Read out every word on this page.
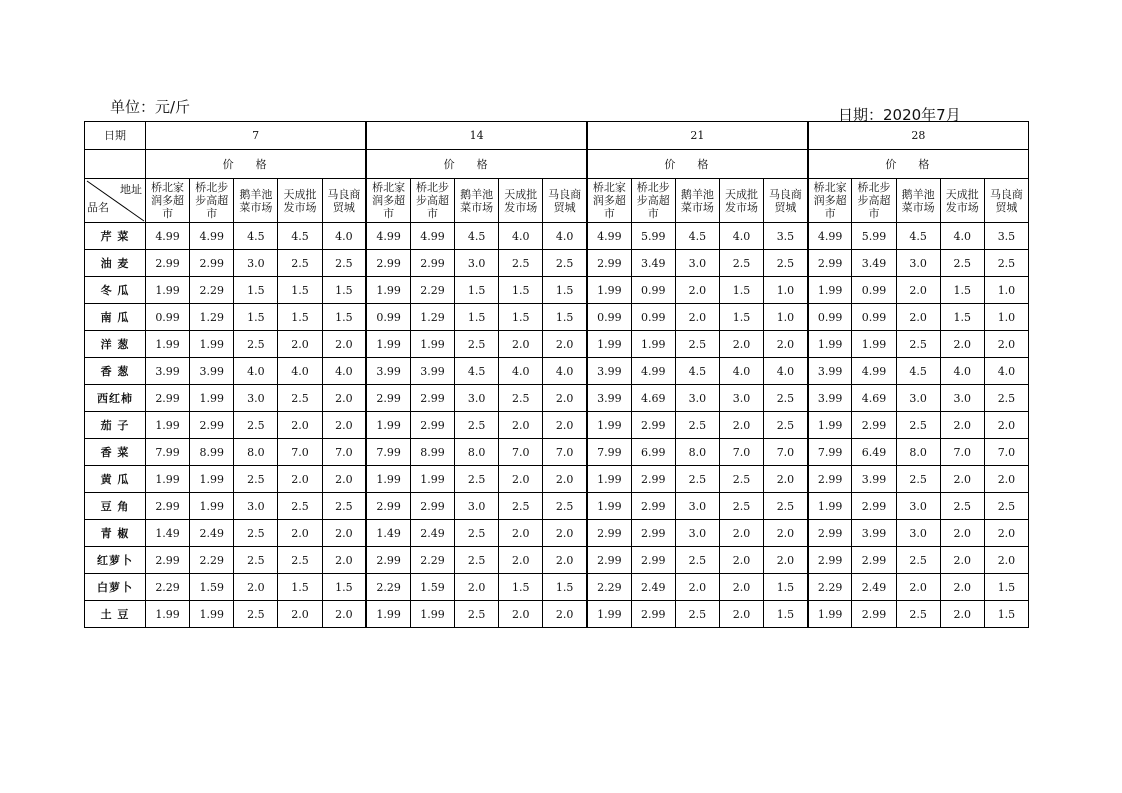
单位：元/斤	日期：2020年7月
日期	7					14					21					28				
	价格					价格					价格					价格				

地址
品名	桥北家润多超市	桥北步步高超市	鹅羊池菜市场	天成批发市场	马良商贸城	桥北家润多超市	桥北步步高超市	鹅羊池菜市场	天成批发市场	马良商贸城	桥北家润多超市	桥北步步高超市	鹅羊池菜市场	天成批发市场	马良商贸城	桥北家润多超市	桥北步步高超市	鹅羊池菜市场	天成批发市场	马良商贸城
芹 菜	4.99	4.99	4.5	4.5	4.0	4.99	4.99	4.5	4.0	4.0	4.99	5.99	4.5	4.0	3.5	4.99	5.99	4.5	4.0	3.5
油 麦	2.99	2.99	3.0	2.5	2.5	2.99	2.99	3.0	2.5	2.5	2.99	3.49	3.0	2.5	2.5	2.99	3.49	3.0	2.5	2.5
冬 瓜	1.99	2.29	1.5	1.5	1.5	1.99	2.29	1.5	1.5	1.5	1.99	0.99	2.0	1.5	1.0	1.99	0.99	2.0	1.5	1.0
南 瓜	0.99	1.29	1.5	1.5	1.5	0.99	1.29	1.5	1.5	1.5	0.99	0.99	2.0	1.5	1.0	0.99	0.99	2.0	1.5	1.0
洋 葱	1.99	1.99	2.5	2.0	2.0	1.99	1.99	2.5	2.0	2.0	1.99	1.99	2.5	2.0	2.0	1.99	1.99	2.5	2.0	2.0
香 葱	3.99	3.99	4.0	4.0	4.0	3.99	3.99	4.5	4.0	4.0	3.99	4.99	4.5	4.0	4.0	3.99	4.99	4.5	4.0	4.0
西红柿	2.99	1.99	3.0	2.5	2.0	2.99	2.99	3.0	2.5	2.0	3.99	4.69	3.0	3.0	2.5	3.99	4.69	3.0	3.0	2.5
茄 子	1.99	2.99	2.5	2.0	2.0	1.99	2.99	2.5	2.0	2.0	1.99	2.99	2.5	2.0	2.5	1.99	2.99	2.5	2.0	2.0
香 菜	7.99	8.99	8.0	7.0	7.0	7.99	8.99	8.0	7.0	7.0	7.99	6.99	8.0	7.0	7.0	7.99	6.49	8.0	7.0	7.0
黄 瓜	1.99	1.99	2.5	2.0	2.0	1.99	1.99	2.5	2.0	2.0	1.99	2.99	2.5	2.5	2.0	2.99	3.99	2.5	2.0	2.0
豆 角	2.99	1.99	3.0	2.5	2.5	2.99	2.99	3.0	2.5	2.5	1.99	2.99	3.0	2.5	2.5	1.99	2.99	3.0	2.5	2.5
青 椒	1.49	2.49	2.5	2.0	2.0	1.49	2.49	2.5	2.0	2.0	2.99	2.99	3.0	2.0	2.0	2.99	3.99	3.0	2.0	2.0
红萝卜	2.99	2.29	2.5	2.5	2.0	2.99	2.29	2.5	2.0	2.0	2.99	2.99	2.5	2.0	2.0	2.99	2.99	2.5	2.0	2.0
白萝卜	2.29	1.59	2.0	1.5	1.5	2.29	1.59	2.0	1.5	1.5	2.29	2.49	2.0	2.0	1.5	2.29	2.49	2.0	2.0	1.5
土 豆	1.99	1.99	2.5	2.0	2.0	1.99	1.99	2.5	2.0	2.0	1.99	2.99	2.5	2.0	1.5	1.99	2.99	2.5	2.0	1.5
